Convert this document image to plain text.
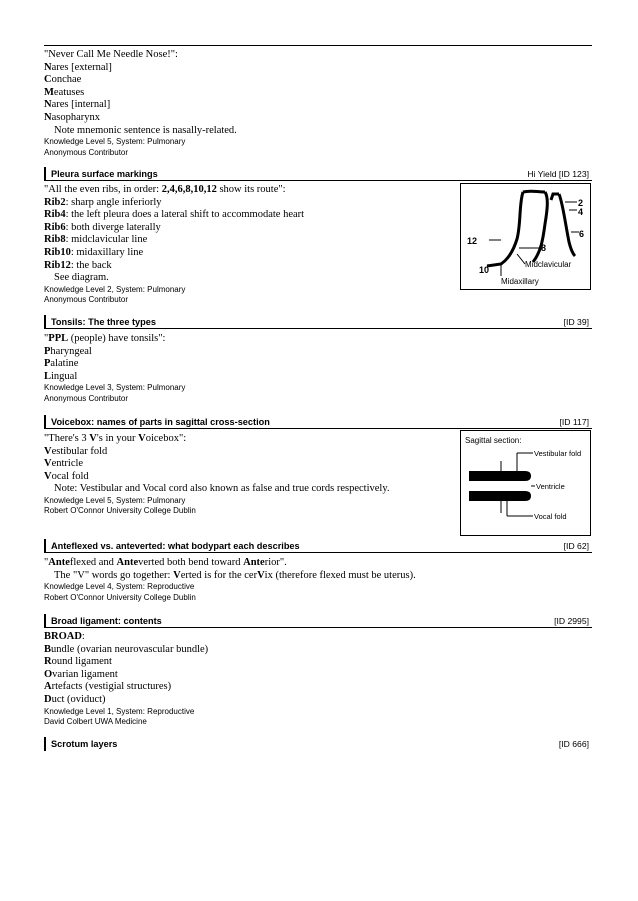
"Never Call Me Needle Nose!":
Nares [external]
Conchae
Meatuses
Nares [internal]
Nasopharynx
Note mnemonic sentence is nasally-related.
Knowledge Level 5, System: Pulmonary
Anonymous Contributor
Pleura surface markings	Hi Yield [ID 123]
"All the even ribs, in order: 2,4,6,8,10,12 show its route":
Rib2: sharp angle inferiorly
Rib4: the left pleura does a lateral shift to accommodate heart
Rib6: both diverge laterally
Rib8: midclavicular line
Rib10: midaxillary line
Rib12: the back
See diagram.
Knowledge Level 2, System: Pulmonary
Anonymous Contributor
2
4
6
8
10
12
Midclavicular
Midaxillary
Tonsils: The three types	[ID 39]
"PPL (people) have tonsils":
Pharyngeal
Palatine
Lingual
Knowledge Level 3, System: Pulmonary
Anonymous Contributor
Voicebox: names of parts in sagittal cross-section	[ID 117]
"There's 3 V's in your Voicebox":
Vestibular fold
Ventricle
Vocal fold
Note: Vestibular and Vocal cord also known as false and true cords respectively.
Knowledge Level 5, System: Pulmonary
Robert O'Connor University College Dublin
Sagittal section:
Vestibular fold
Ventricle
Vocal fold
Anteflexed vs. anteverted: what bodypart each describes	[ID 62]
"Anteflexed and Anteverted both bend toward Anterior".
The "V" words go together: Verted is for the cerVix (therefore flexed must be uterus).
Knowledge Level 4, System: Reproductive
Robert O'Connor University College Dublin
Broad ligament: contents	[ID 2995]
BROAD:
Bundle (ovarian neurovascular bundle)
Round ligament
Ovarian ligament
Artefacts (vestigial structures)
Duct (oviduct)
Knowledge Level 1, System: Reproductive
David Colbert UWA Medicine
Scrotum layers	[ID 666]
